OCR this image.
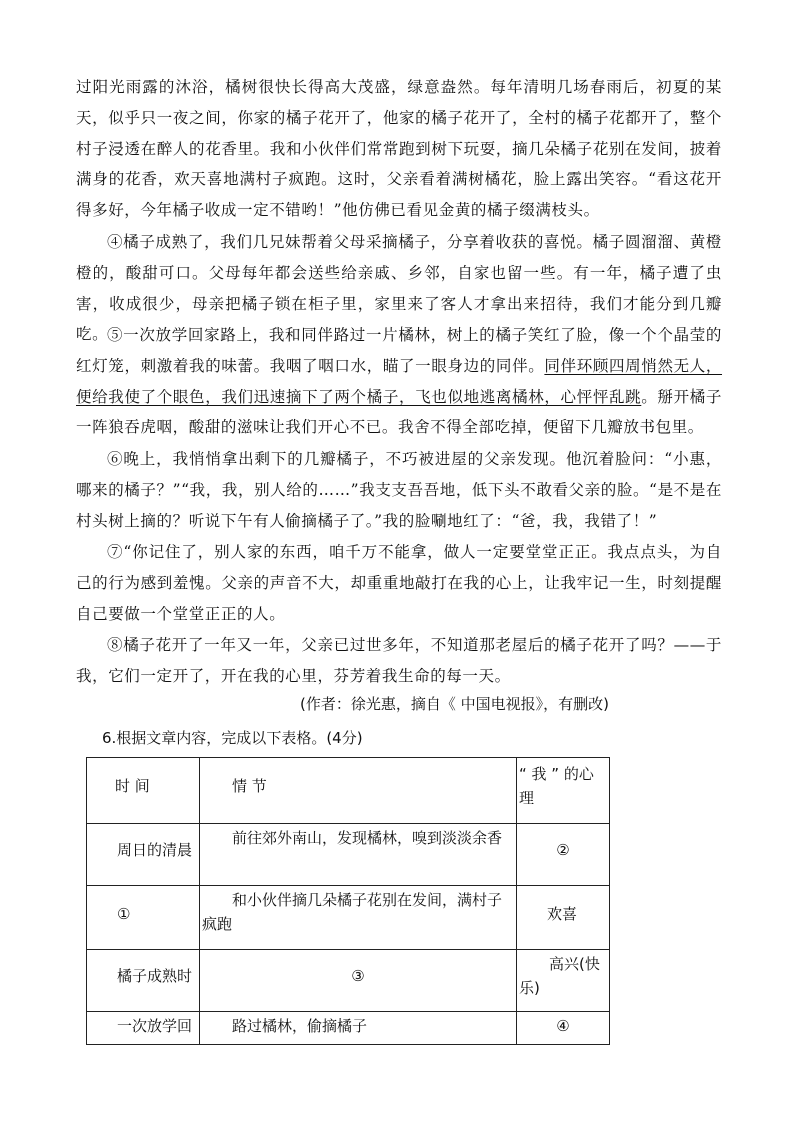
过阳光雨露的沐浴，橘树很快长得高大茂盛，绿意盎然。每年清明几场春雨后，初夏的某天，似乎只一夜之间，你家的橘子花开了，他家的橘子花开了，全村的橘子花都开了，整个村子浸透在醉人的花香里。我和小伙伴们常常跑到树下玩耍，摘几朵橘子花别在发间，披着满身的花香，欢天喜地满村子疯跑。这时，父亲看着满树橘花，脸上露出笑容。“看这花开得多好，今年橘子收成一定不错哟！”他仿佛已看见金黄的橘子缀满枝头。

④橘子成熟了，我们几兄妹帮着父母采摘橘子，分享着收获的喜悦。橘子圆溜溜、黄橙橙的，酸甜可口。父母每年都会送些给亲戚、乡邻，自家也留一些。有一年，橘子遭了虫害，收成很少，母亲把橘子锁在柜子里，家里来了客人才拿出来招待，我们才能分到几瓣吃。

⑤一次放学回家路上，我和同伴路过一片橘林，树上的橘子笑红了脸，像一个个晶莹的红灯笼，刺激着我的味蕾。我咽了咽口水，瞄了一眼身边的同伴。同伴环顾四周悄然无人，便给我使了个眼色，我们迅速摘下了两个橘子，飞也似地逃离橘林，心怦怦乱跳。掰开橘子一阵狼吞虎咽，酸甜的滋味让我们开心不已。我舍不得全部吃掉，便留下几瓣放书包里。

⑥晚上，我悄悄拿出剩下的几瓣橘子，不巧被进屋的父亲发现。他沉着脸问：“小惠，哪来的橘子？”“我，我，别人给的……”我支支吾吾地，低下头不敢看父亲的脸。“是不是在村头树上摘的？听说下午有人偷摘橘子了。”我的脸唰地红了：“爸，我，我错了！”

⑦“你记住了，别人家的东西，咱千万不能拿，做人一定要堂堂正正。我点点头，为自己的行为感到羞愧。父亲的声音不大，却重重地敲打在我的心上，让我牢记一生，时刻提醒自己要做一个堂堂正正的人。

⑧橘子花开了一年又一年，父亲已过世多年，不知道那老屋后的橘子花开了吗？——于我，它们一定开了，开在我的心里，芬芳着我生命的每一天。

(作者：徐光惠，摘自《 中国电视报》，有删改)

6.根据文章内容，完成以下表格。(4分)

时 间	情 节	“ 我 ” 的心理

周日的清晨	前往郊外南山，发现橘林，嗅到淡淡余香	②

①	和小伙伴摘几朵橘子花别在发间，满村子疯跑	欢喜

橘子成熟时	③	高兴(快乐)

一次放学回	路过橘林，偷摘橘子	④
